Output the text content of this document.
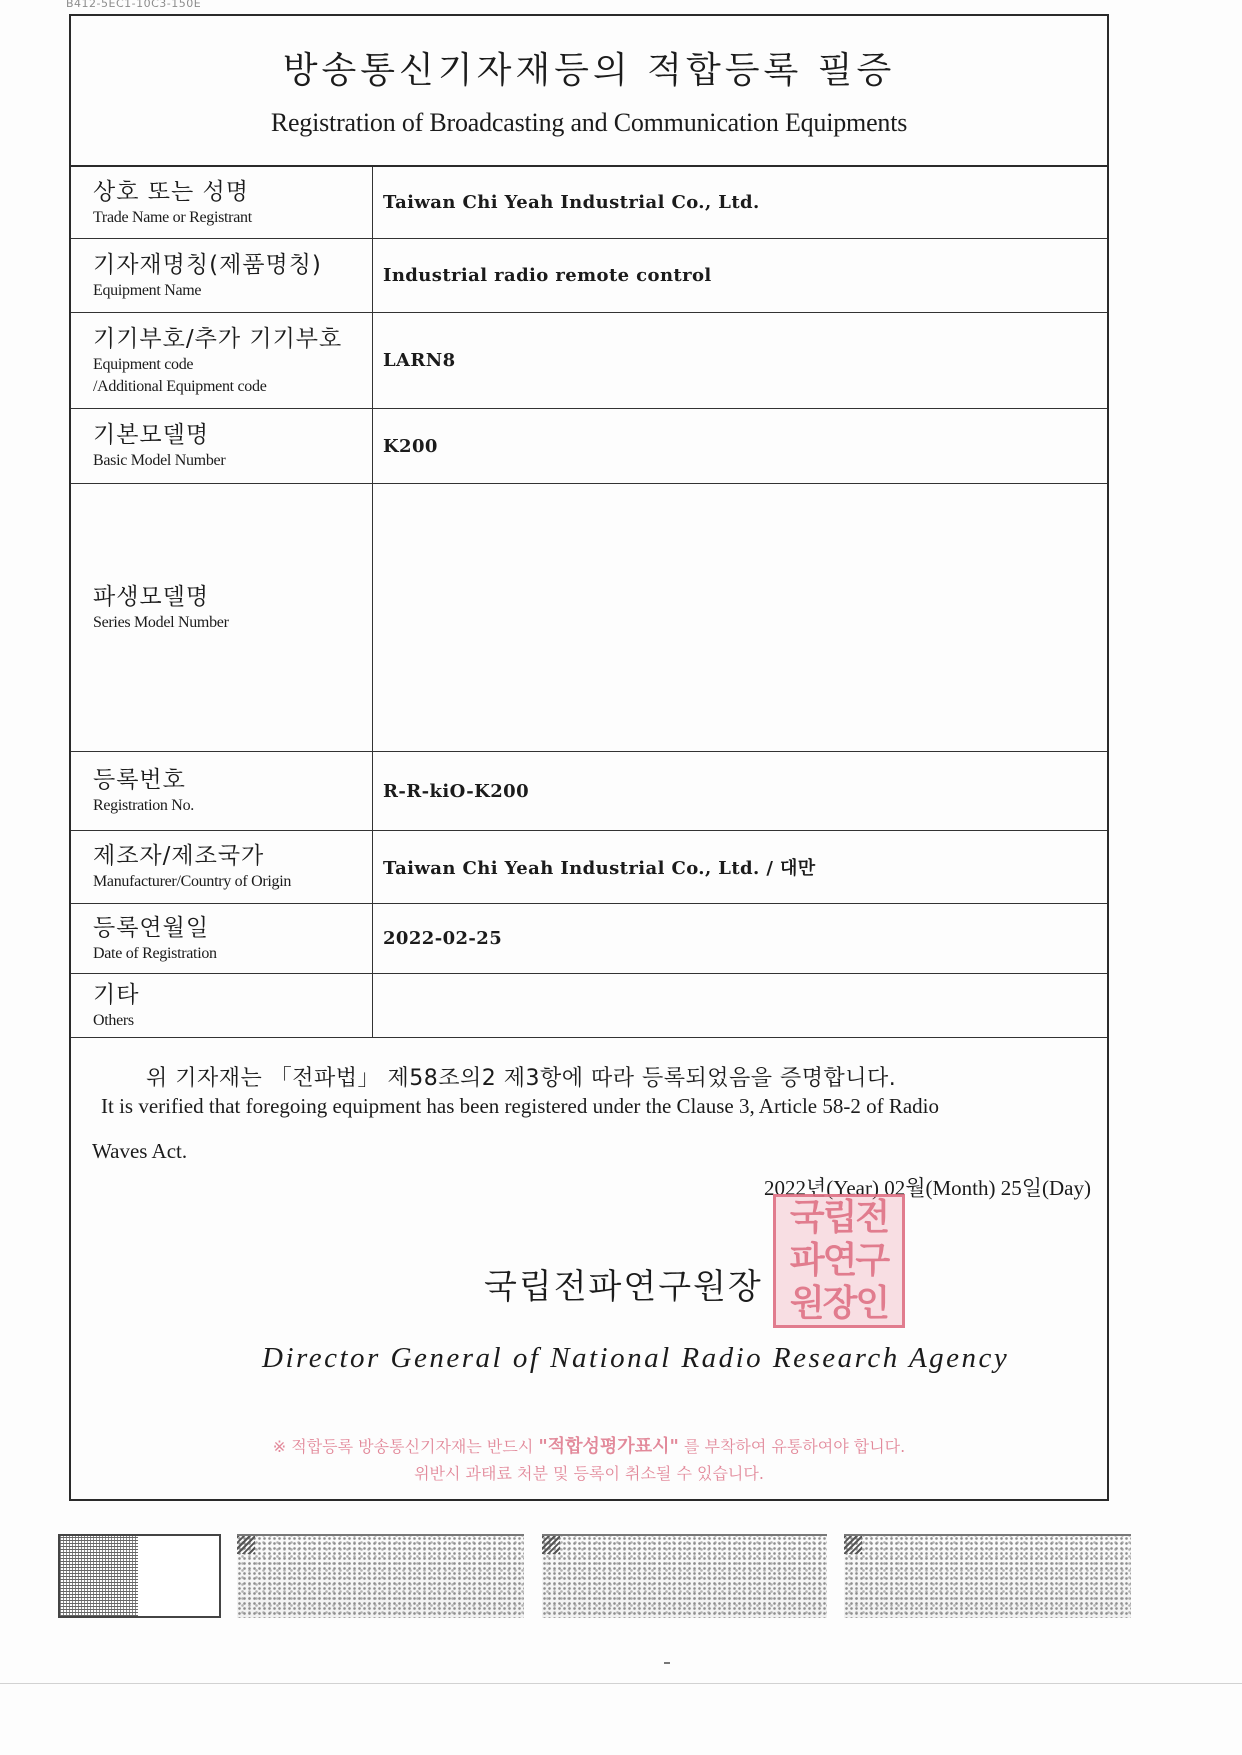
B412-5EC1-10C3-150E
방송통신기자재등의 적합등록 필증
Registration of Broadcasting and Communication Equipments
상호 또는 성명
Trade Name or Registrant
Taiwan Chi Yeah Industrial Co., Ltd.
기자재명칭(제품명칭)
Equipment Name
Industrial radio remote control
기기부호/추가 기기부호
Equipment code
/Additional Equipment code
LARN8
기본모델명
Basic Model Number
K200
파생모델명
Series Model Number
등록번호
Registration No.
R-R-kiO-K200
제조자/제조국가
Manufacturer/Country of Origin
Taiwan Chi Yeah Industrial Co., Ltd. / 대만
등록연월일
Date of Registration
2022-02-25
기타
Others
위 기자재는 「전파법」 제58조의2 제3항에 따라 등록되었음을 증명합니다.
It is verified that foregoing equipment has been registered under the Clause 3, Article 58-2 of Radio
Waves Act.
2022년(Year) 02월(Month) 25일(Day)
국립전파연구원장
국립전
파연구
원장인
Director General of National Radio Research Agency
※ 적합등록 방송통신기자재는 반드시 "적합성평가표시" 를 부착하여 유통하여야 합니다.
위반시 과태료 처분 및 등록이 취소될 수 있습니다.
